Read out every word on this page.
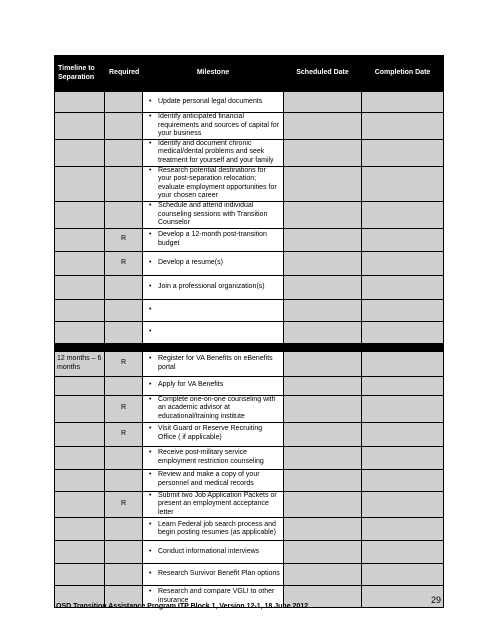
Timeline to Separation	Required	Milestone	Scheduled Date	Completion Date

		• Update personal legal documents		

		• Identify anticipated financial requirements and sources of capital for your business		

		• Identify and document chronic medical/dental problems and seek treatment for yourself and your family		

		• Research potential destinations for your post-separation relocation; evaluate employment opportunities for your chosen career		

		• Schedule and attend individual counseling sessions with Transition Counselor		

	R	• Develop a 12-month post-transition budget		

	R	• Develop a resume(s)		

		• Join a professional organization(s)		

		•		

		•		

12 months – 6 months	R	• Register for VA Benefits on eBenefits portal		

		• Apply for VA Benefits		

	R	• Complete one-on-one counseling with an academic advisor at educational/training institute		

	R	• Visit Guard or Reserve Recruiting Office ( if applicable)		

		• Receive post-military service employment restriction counseling		

		• Review and make a copy of your personnel and medical records		

	R	• Submit two Job Application Packets or present an employment acceptance letter		

		• Learn Federal job search process and begin posting resumes (as applicable)		

		• Conduct informational interviews		

		• Research Survivor Benefit Plan options		

		• Research and compare VGLI to other insurance		

OSD Transition Assistance Program ITP Block 1, Version 12-1, 18 June 2012
29
